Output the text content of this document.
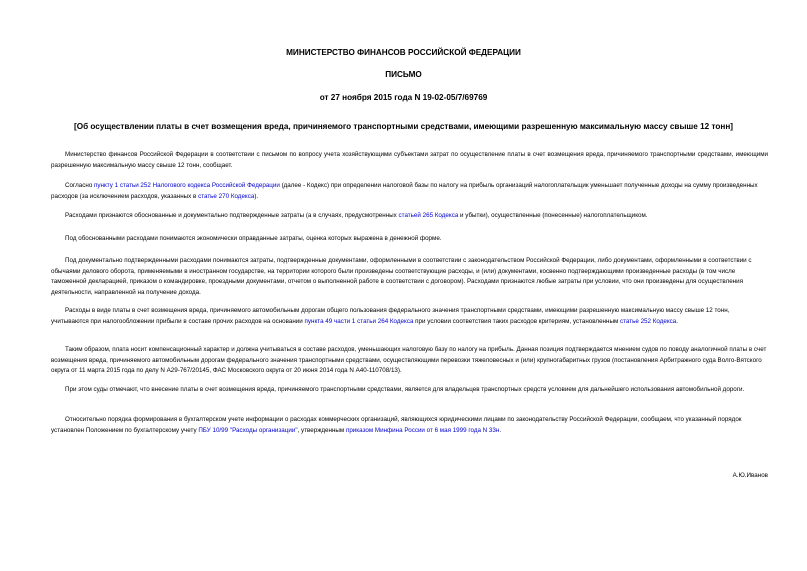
МИНИСТЕРСТВО ФИНАНСОВ РОССИЙСКОЙ ФЕДЕРАЦИИ
ПИСЬМО
от 27 ноября 2015 года N 19-02-05/7/69769
[Об осуществлении платы в счет возмещения вреда, причиняемого транспортными средствами, имеющими разрешенную максимальную массу свыше 12 тонн]
Министерство финансов Российской Федерации в соответствии с письмом по вопросу учета хозяйствующими субъектами затрат по осуществление платы в счет возмещения вреда, причиняемого транспортными средствами, имеющими разрешенную максимальную массу свыше 12 тонн, сообщает.
Согласно пункту 1 статьи 252 Налогового кодекса Российской Федерации (далее - Кодекс) при определении налоговой базы по налогу на прибыль организаций налогоплательщик уменьшает полученные доходы на сумму произведенных расходов (за исключением расходов, указанных в статье 270 Кодекса).
Расходами признаются обоснованные и документально подтвержденные затраты (а в случаях, предусмотренных статьей 265 Кодекса и убытки), осуществленные (понесенные) налогоплательщиком.
Под обоснованными расходами понимаются экономически оправданные затраты, оценка которых выражена в денежной форме.
Под документально подтвержденными расходами понимаются затраты, подтвержденные документами, оформленными в соответствии с законодательством Российской Федерации, либо документами, оформленными в соответствии с обычаями делового оборота, применяемыми в иностранном государстве, на территории которого были произведены соответствующие расходы, и (или) документами, косвенно подтверждающими произведенные расходы (в том числе таможенной декларацией, приказом о командировке, проездными документами, отчетом о выполненной работе в соответствии с договором). Расходами признаются любые затраты при условии, что они произведены для осуществления деятельности, направленной на получение дохода.
Расходы в виде платы в счет возмещения вреда, причиняемого автомобильным дорогам общего пользования федерального значения транспортными средствами, имеющими разрешенную максимальную массу свыше 12 тонн, учитываются при налогообложении прибыли в составе прочих расходов на основании пункта 49 части 1 статьи 264 Кодекса при условии соответствия таких расходов критериям, установленным статье 252 Кодекса.
Таким образом, плата носит компенсационный характер и должна учитываться в составе расходов, уменьшающих налоговую базу по налогу на прибыль. Данная позиция подтверждается мнением судов по поводу аналогичной платы в счет возмещения вреда, причиняемого автомобильным дорогам федерального значения транспортными средствами, осуществляющими перевозки тяжеловесных и (или) крупногабаритных грузов (постановления Арбитражного суда Волго-Вятского округа от 11 марта 2015 года по делу N А29-767/20145, ФАС Московского округа от 20 июня 2014 года N А40-110708/13).
При этом суды отмечают, что внесение платы в счет возмещения вреда, причиняемого транспортными средствами, является для владельцев транспортных средств условием для дальнейшего использования автомобильной дороги.
Относительно порядка формирования в бухгалтерском учете информации о расходах коммерческих организаций, являющихся юридическими лицами по законодательству Российской Федерации, сообщаем, что указанный порядок установлен Положением по бухгалтерскому учету ПБУ 10/99 "Расходы организации", утвержденным приказом Минфина России от 6 мая 1999 года N 33н.
А.Ю.Иванов
